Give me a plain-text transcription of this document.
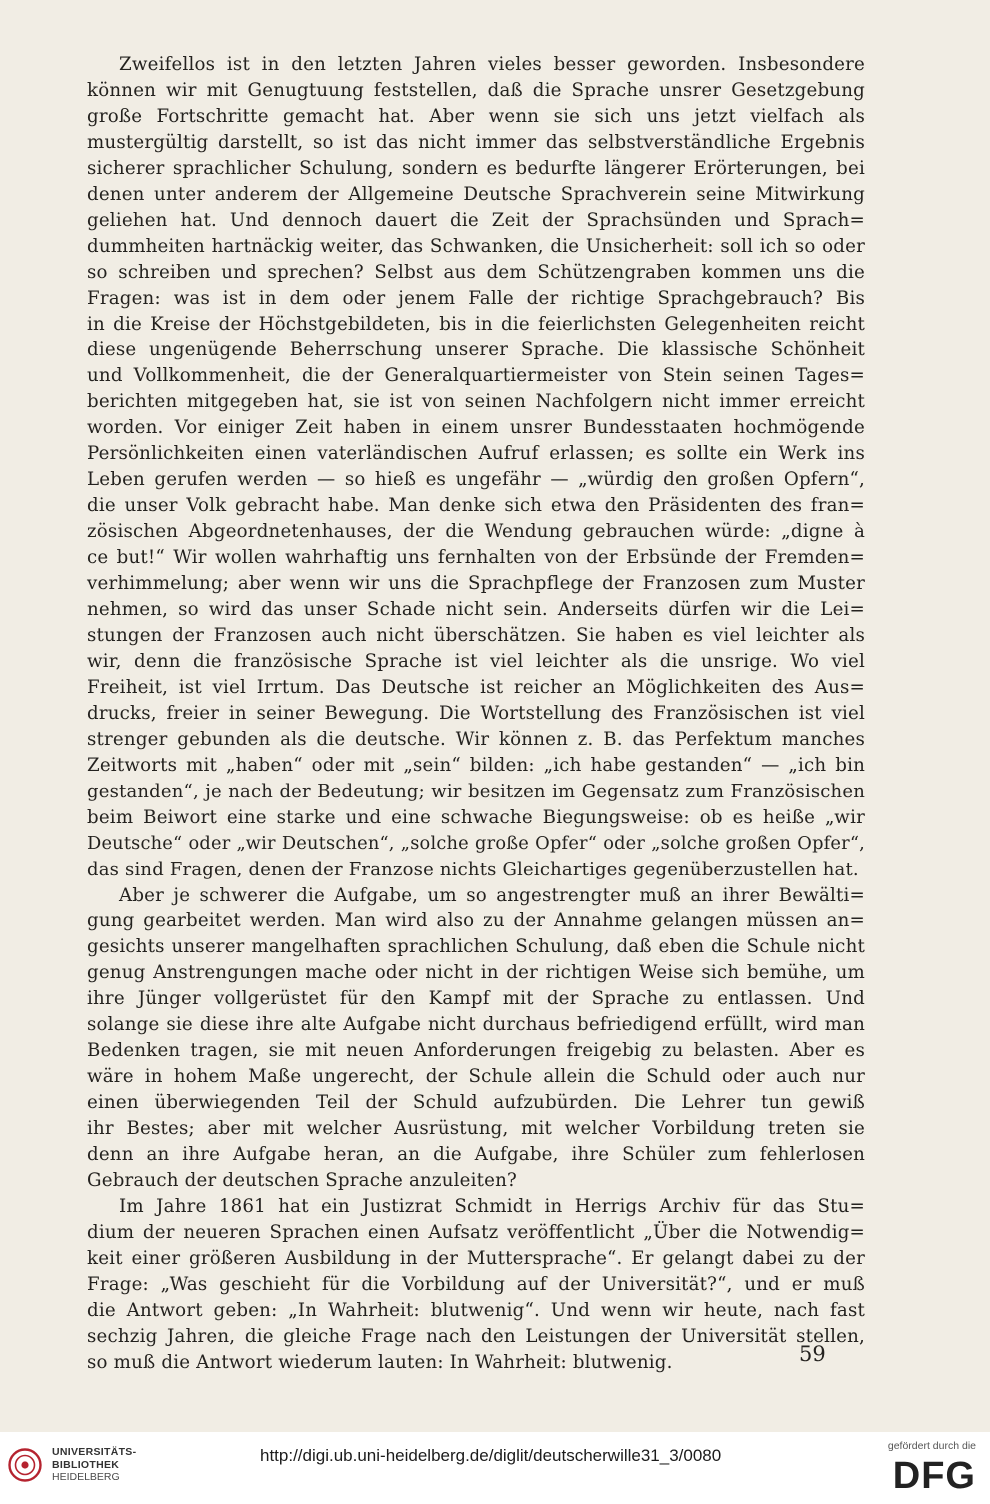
Zweifellos ist in den letzten Jahren vieles besser geworden. Insbesondere

können wir mit Genugtuung feststellen, daß die Sprache unsrer Gesetzgebung

große Fortschritte gemacht hat. Aber wenn sie sich uns jetzt vielfach als

mustergültig darstellt, so ist das nicht immer das selbstverständliche Ergebnis

sicherer sprachlicher Schulung, sondern es bedurfte längerer Erörterungen, bei

denen unter anderem der Allgemeine Deutsche Sprachverein seine Mitwirkung

geliehen hat. Und dennoch dauert die Zeit der Sprachsünden und Sprach=

dummheiten hartnäckig weiter, das Schwanken, die Unsicherheit: soll ich so oder

so schreiben und sprechen? Selbst aus dem Schützengraben kommen uns die

Fragen: was ist in dem oder jenem Falle der richtige Sprachgebrauch? Bis

in die Kreise der Höchstgebildeten, bis in die feierlichsten Gelegenheiten reicht

diese ungenügende Beherrschung unserer Sprache. Die klassische Schönheit

und Vollkommenheit, die der Generalquartiermeister von Stein seinen Tages=

berichten mitgegeben hat, sie ist von seinen Nachfolgern nicht immer erreicht

worden. Vor einiger Zeit haben in einem unsrer Bundesstaaten hochmögende

Persönlichkeiten einen vaterländischen Aufruf erlassen; es sollte ein Werk ins

Leben gerufen werden — so hieß es ungefähr — „würdig den großen Opfern“,

die unser Volk gebracht habe. Man denke sich etwa den Präsidenten des fran=

zösischen Abgeordnetenhauses, der die Wendung gebrauchen würde: „digne à

ce but!“ Wir wollen wahrhaftig uns fernhalten von der Erbsünde der Fremden=

verhimmelung; aber wenn wir uns die Sprachpflege der Franzosen zum Muster

nehmen, so wird das unser Schade nicht sein. Anderseits dürfen wir die Lei=

stungen der Franzosen auch nicht überschätzen. Sie haben es viel leichter als

wir, denn die französische Sprache ist viel leichter als die unsrige. Wo viel

Freiheit, ist viel Irrtum. Das Deutsche ist reicher an Möglichkeiten des Aus=

drucks, freier in seiner Bewegung. Die Wortstellung des Französischen ist viel

strenger gebunden als die deutsche. Wir können z. B. das Perfektum manches

Zeitworts mit „haben“ oder mit „sein“ bilden: „ich habe gestanden“ — „ich bin

gestanden“, je nach der Bedeutung; wir besitzen im Gegensatz zum Französischen

beim Beiwort eine starke und eine schwache Biegungsweise: ob es heiße „wir

Deutsche“ oder „wir Deutschen“, „solche große Opfer“ oder „solche großen Opfer“,

das sind Fragen, denen der Franzose nichts Gleichartiges gegenüberzustellen hat.

Aber je schwerer die Aufgabe, um so angestrengter muß an ihrer Bewälti=

gung gearbeitet werden. Man wird also zu der Annahme gelangen müssen an=

gesichts unserer mangelhaften sprachlichen Schulung, daß eben die Schule nicht

genug Anstrengungen mache oder nicht in der richtigen Weise sich bemühe, um

ihre Jünger vollgerüstet für den Kampf mit der Sprache zu entlassen. Und

solange sie diese ihre alte Aufgabe nicht durchaus befriedigend erfüllt, wird man

Bedenken tragen, sie mit neuen Anforderungen freigebig zu belasten. Aber es

wäre in hohem Maße ungerecht, der Schule allein die Schuld oder auch nur

einen überwiegenden Teil der Schuld aufzubürden. Die Lehrer tun gewiß

ihr Bestes; aber mit welcher Ausrüstung, mit welcher Vorbildung treten sie

denn an ihre Aufgabe heran, an die Aufgabe, ihre Schüler zum fehlerlosen

Gebrauch der deutschen Sprache anzuleiten?

Im Jahre 1861 hat ein Justizrat Schmidt in Herrigs Archiv für das Stu=

dium der neueren Sprachen einen Aufsatz veröffentlicht „Über die Notwendig=

keit einer größeren Ausbildung in der Muttersprache“. Er gelangt dabei zu der

Frage: „Was geschieht für die Vorbildung auf der Universität?“, und er muß

die Antwort geben: „In Wahrheit: blutwenig“. Und wenn wir heute, nach fast

sechzig Jahren, die gleiche Frage nach den Leistungen der Universität stellen,

so muß die Antwort wiederum lauten: In Wahrheit: blutwenig.	59
UNIVERSITÄTS-
BIBLIOTHEK
HEIDELBERG
http://digi.ub.uni-heidelberg.de/diglit/deutscherwille31_3/0080	gefördert durch die
DFG
